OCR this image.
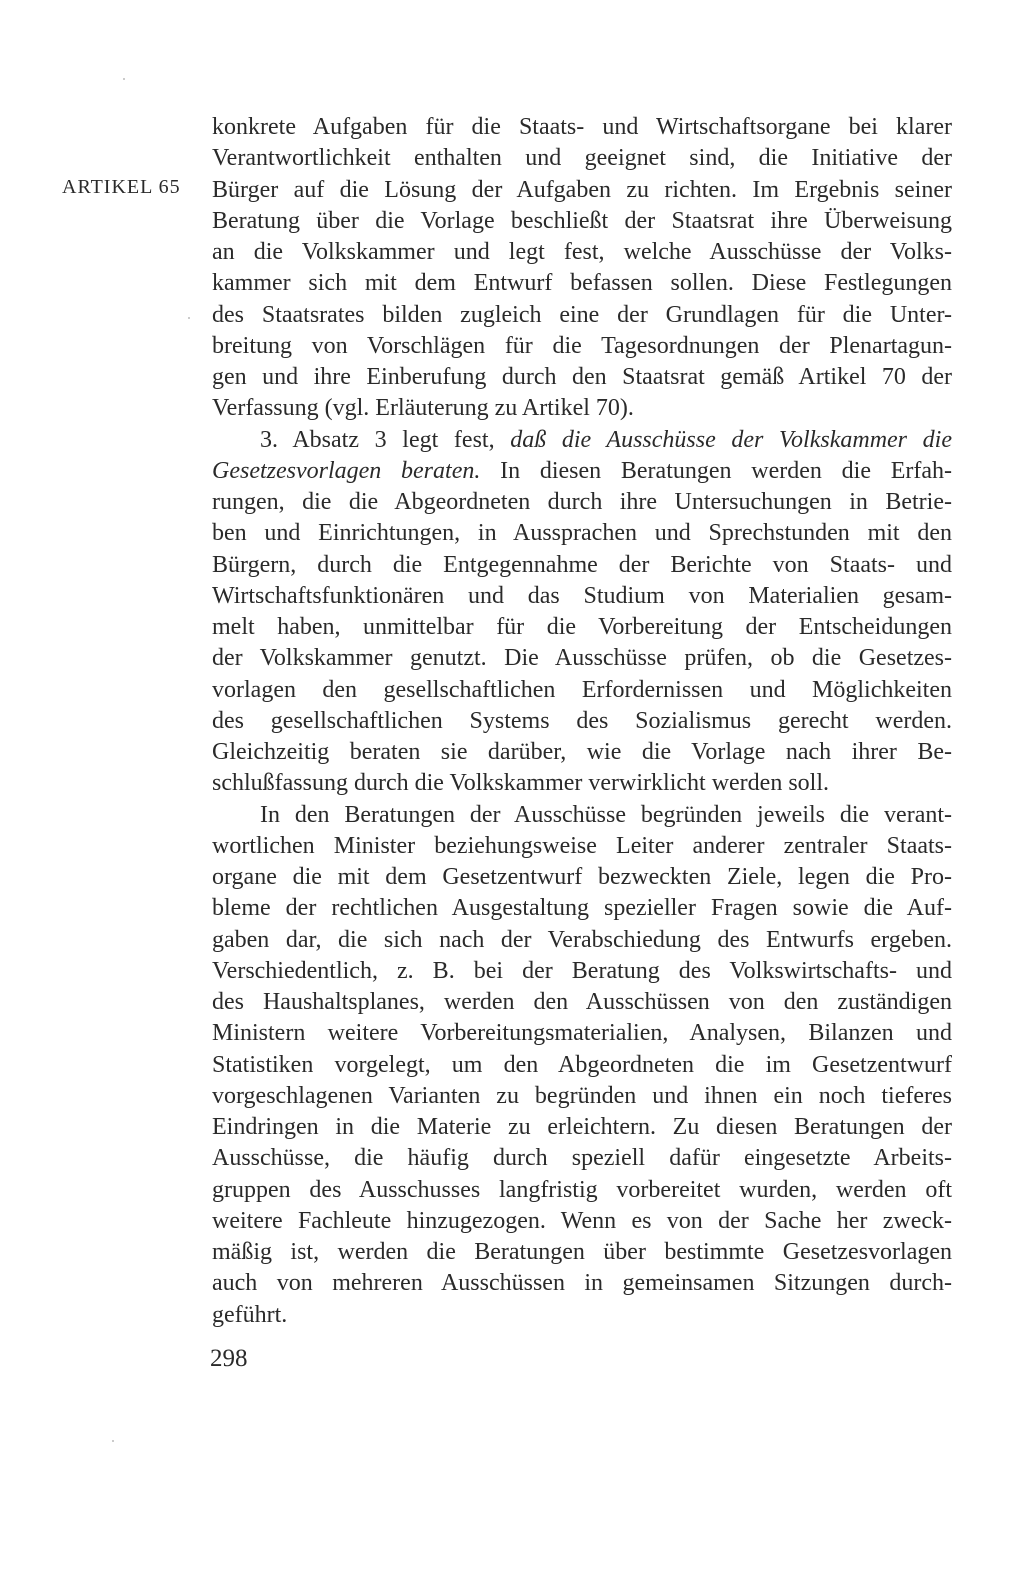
ARTIKEL 65
konkrete Aufgaben für die Staats- und Wirtschaftsorgane bei klarer
Verantwortlichkeit enthalten und geeignet sind, die Initiative der
Bürger auf die Lösung der Aufgaben zu richten. Im Ergebnis seiner
Beratung über die Vorlage beschließt der Staatsrat ihre Überweisung
an die Volkskammer und legt fest, welche Ausschüsse der Volks-
kammer sich mit dem Entwurf befassen sollen. Diese Festlegungen
des Staatsrates bilden zugleich eine der Grundlagen für die Unter-
breitung von Vorschlägen für die Tagesordnungen der Plenartagun-
gen und ihre Einberufung durch den Staatsrat gemäß Artikel 70 der
Verfassung (vgl. Erläuterung zu Artikel 70).
3. Absatz 3 legt fest, daß die Ausschüsse der Volkskammer die
Gesetzesvorlagen beraten. In diesen Beratungen werden die Erfah-
rungen, die die Abgeordneten durch ihre Untersuchungen in Betrie-
ben und Einrichtungen, in Aussprachen und Sprechstunden mit den
Bürgern, durch die Entgegennahme der Berichte von Staats- und
Wirtschaftsfunktionären und das Studium von Materialien gesam-
melt haben, unmittelbar für die Vorbereitung der Entscheidungen
der Volkskammer genutzt. Die Ausschüsse prüfen, ob die Gesetzes-
vorlagen den gesellschaftlichen Erfordernissen und Möglichkeiten
des gesellschaftlichen Systems des Sozialismus gerecht werden.
Gleichzeitig beraten sie darüber, wie die Vorlage nach ihrer Be-
schlußfassung durch die Volkskammer verwirklicht werden soll.
In den Beratungen der Ausschüsse begründen jeweils die verant-
wortlichen Minister beziehungsweise Leiter anderer zentraler Staats-
organe die mit dem Gesetzentwurf bezweckten Ziele, legen die Pro-
bleme der rechtlichen Ausgestaltung spezieller Fragen sowie die Auf-
gaben dar, die sich nach der Verabschiedung des Entwurfs ergeben.
Verschiedentlich, z. B. bei der Beratung des Volkswirtschafts- und
des Haushaltsplanes, werden den Ausschüssen von den zuständigen
Ministern weitere Vorbereitungsmaterialien, Analysen, Bilanzen und
Statistiken vorgelegt, um den Abgeordneten die im Gesetzentwurf
vorgeschlagenen Varianten zu begründen und ihnen ein noch tieferes
Eindringen in die Materie zu erleichtern. Zu diesen Beratungen der
Ausschüsse, die häufig durch speziell dafür eingesetzte Arbeits-
gruppen des Ausschusses langfristig vorbereitet wurden, werden oft
weitere Fachleute hinzugezogen. Wenn es von der Sache her zweck-
mäßig ist, werden die Beratungen über bestimmte Gesetzesvorlagen
auch von mehreren Ausschüssen in gemeinsamen Sitzungen durch-
geführt.
298
